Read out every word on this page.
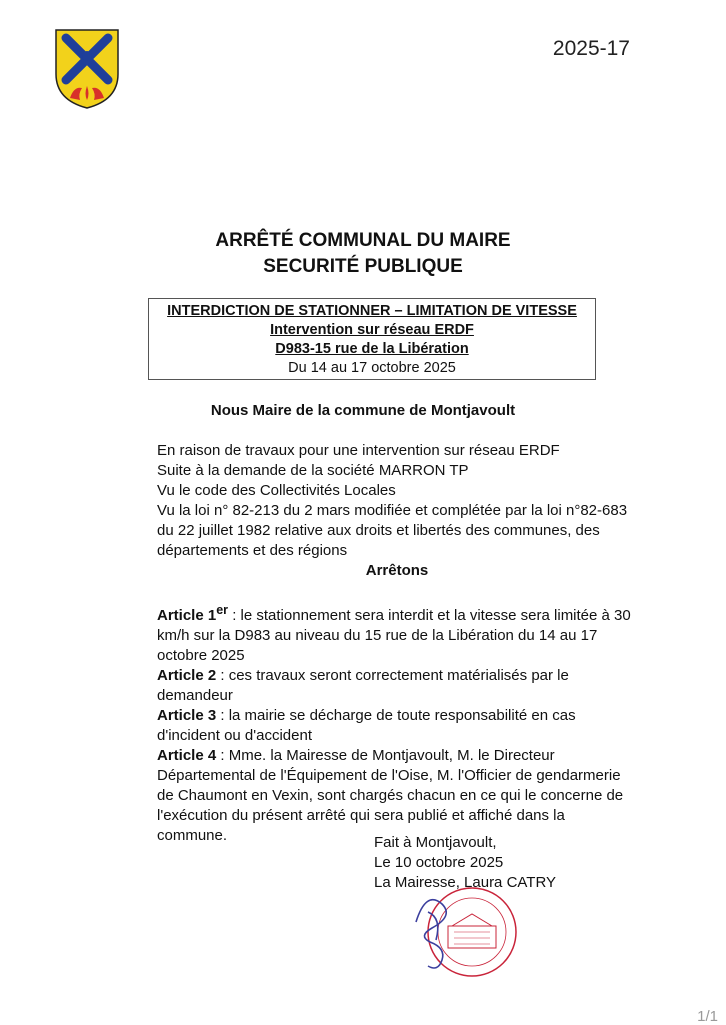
2025-17
ARRÊTÉ COMMUNAL DU MAIRE
SECURITÉ PUBLIQUE
INTERDICTION DE STATIONNER – LIMITATION DE VITESSE
Intervention sur réseau ERDF
D983-15 rue de la Libération
Du 14 au 17 octobre 2025
Nous Maire de la commune de Montjavoult
En raison de travaux pour une intervention sur réseau ERDF
Suite à la demande de la société MARRON TP
Vu le code des Collectivités Locales
Vu la loi n° 82-213 du 2 mars modifiée et complétée par la loi n°82-683 du 22 juillet 1982 relative aux droits et libertés des communes, des départements et des régions
Arrêtons

Article 1er : le stationnement sera interdit et la vitesse sera limitée à 30 km/h sur la D983 au niveau du 15 rue de la Libération du 14 au 17 octobre 2025

Article 2 : ces travaux seront correctement matérialisés par le demandeur

Article 3 : la mairie se décharge de toute responsabilité en cas d'incident ou d'accident

Article 4 : Mme. la Mairesse de Montjavoult, M. le Directeur Départemental de l'Équipement de l'Oise, M. l'Officier de gendarmerie de Chaumont en Vexin, sont chargés chacun en ce qui le concerne de l'exécution du présent arrêté qui sera publié et affiché dans la commune.	Fait à Montjavoult,
Le 10 octobre 2025
La Mairesse, Laura CATRY
1/1
